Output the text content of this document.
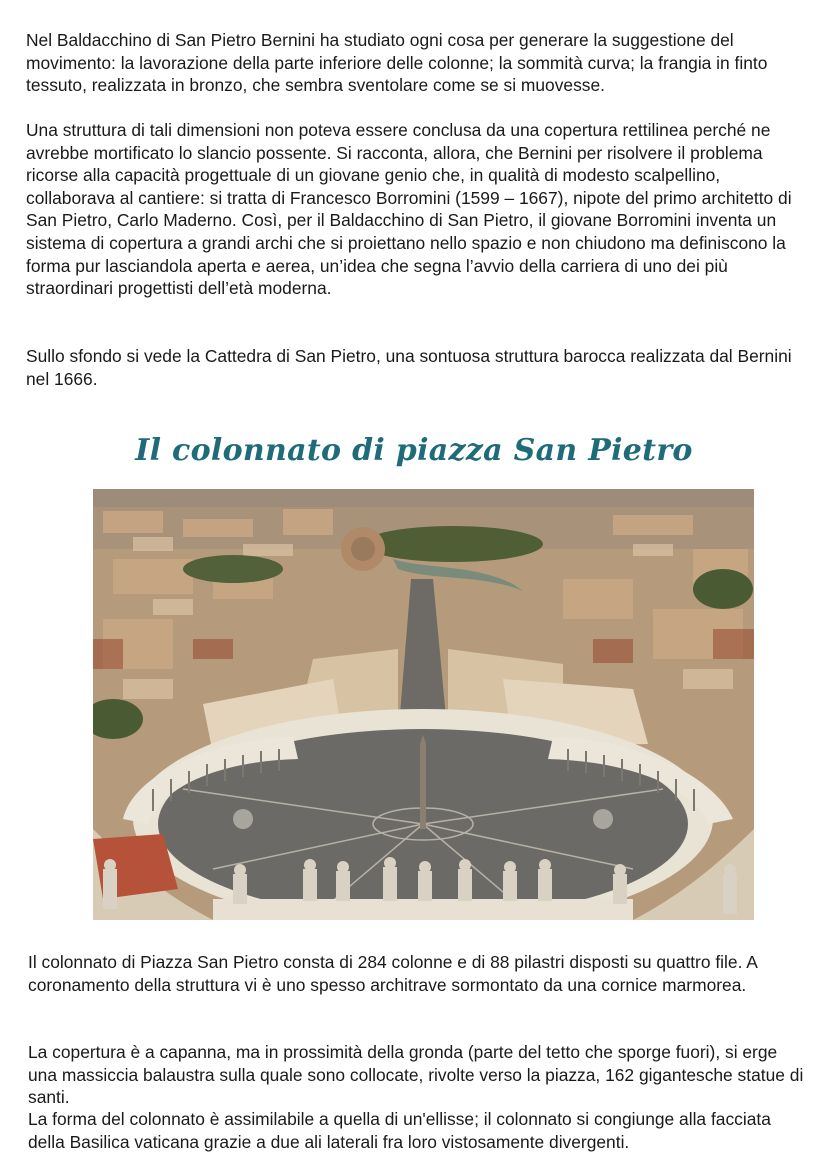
Nel Baldacchino di San Pietro Bernini ha studiato ogni cosa per generare la suggestione del movimento: la lavorazione della parte inferiore delle colonne; la sommità curva; la frangia in finto tessuto, realizzata in bronzo, che sembra sventolare come se si muovesse.

Una struttura di tali dimensioni non poteva essere conclusa da una copertura rettilinea perché ne avrebbe mortificato lo slancio possente. Si racconta, allora, che Bernini per risolvere il problema ricorse alla capacità progettuale di un giovane genio che, in qualità di modesto scalpellino, collaborava al cantiere: si tratta di Francesco Borromini (1599 – 1667), nipote del primo architetto di San Pietro, Carlo Maderno. Così, per il Baldacchino di San Pietro, il giovane Borromini inventa un sistema di copertura a grandi archi che si proiettano nello spazio e non chiudono ma definiscono la forma pur lasciandola aperta e aerea, un’idea che segna l’avvio della carriera di uno dei più straordinari progettisti dell’età moderna.

Sullo sfondo si vede la Cattedra di San Pietro, una sontuosa struttura barocca realizzata dal Bernini nel 1666.

Il colonnato di piazza San Pietro

Il colonnato di Piazza San Pietro consta di 284 colonne e di 88 pilastri disposti su quattro file. A coronamento della struttura vi è uno spesso architrave sormontato da una cornice marmorea.

La copertura è a capanna, ma in prossimità della gronda (parte del tetto che sporge fuori), si erge una massiccia balaustra sulla quale sono collocate, rivolte verso la piazza, 162 gigantesche statue di santi.

La forma del colonnato è assimilabile a quella di un'ellisse; il colonnato si congiunge alla facciata della Basilica vaticana grazie a due ali laterali fra loro vistosamente divergenti.
